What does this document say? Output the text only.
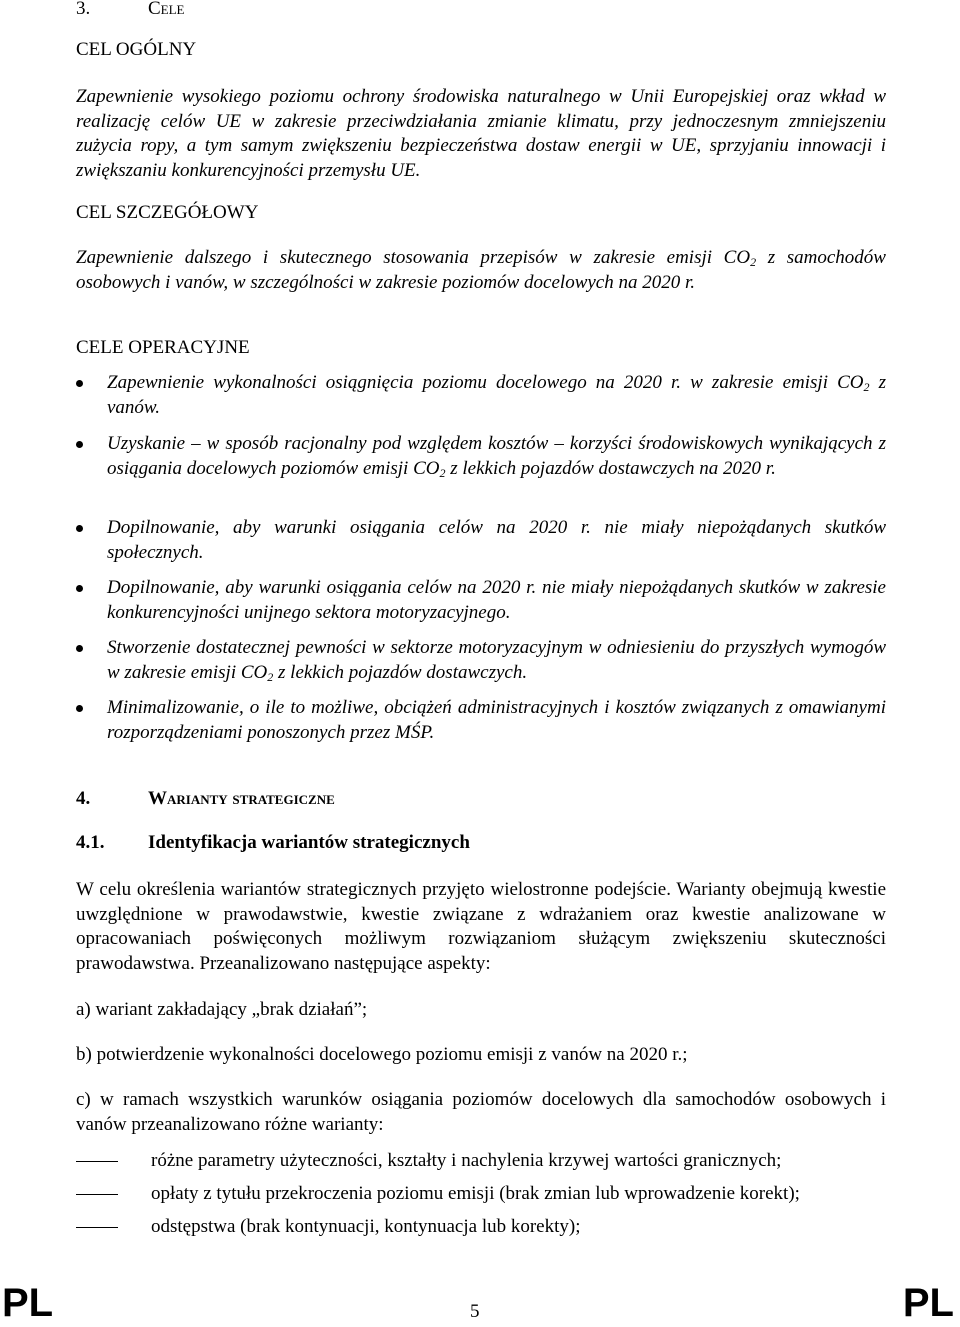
3.	Cele
CEL OGÓLNY
Zapewnienie wysokiego poziomu ochrony środowiska naturalnego w Unii Europejskiej oraz wkład w realizację celów UE w zakresie przeciwdziałania zmianie klimatu, przy jednoczesnym zmniejszeniu zużycia ropy, a tym samym zwiększeniu bezpieczeństwa dostaw energii w UE, sprzyjaniu innowacji i zwiększaniu konkurencyjności przemysłu UE.
CEL SZCZEGÓŁOWY
Zapewnienie dalszego i skutecznego stosowania przepisów w zakresie emisji $CO_2$ z samochodów osobowych i vanów, w szczególności w zakresie poziomów docelowych na 2020 r.
CELE OPERACYJNE
Zapewnienie wykonalności osiągnięcia poziomu docelowego na 2020 r. w zakresie emisji $CO_2$ z vanów.
Uzyskanie – w sposób racjonalny pod względem kosztów – korzyści środowiskowych wynikających z osiągania docelowych poziomów emisji $CO_2$ z lekkich pojazdów dostawczych na 2020 r.
Dopilnowanie, aby warunki osiągania celów na 2020 r. nie miały niepożądanych skutków społecznych.
Dopilnowanie, aby warunki osiągania celów na 2020 r. nie miały niepożądanych skutków w zakresie konkurencyjności unijnego sektora motoryzacyjnego.
Stworzenie dostatecznej pewności w sektorze motoryzacyjnym w odniesieniu do przyszłych wymogów w zakresie emisji $CO_2$ z lekkich pojazdów dostawczych.
Minimalizowanie, o ile to możliwe, obciążeń administracyjnych i kosztów związanych z omawianymi rozporządzeniami ponoszonych przez MŚP.
4.	Warianty strategiczne
4.1. Identyfikacja wariantów strategicznych
W celu określenia wariantów strategicznych przyjęto wielostronne podejście. Warianty obejmują kwestie uwzględnione w prawodawstwie, kwestie związane z wdrażaniem oraz kwestie analizowane w opracowaniach poświęconych możliwym rozwiązaniom służącym zwiększeniu skuteczności prawodawstwa. Przeanalizowano następujące aspekty:
a) wariant zakładający „brak działań”;
b) potwierdzenie wykonalności docelowego poziomu emisji z vanów na 2020 r.;
c) w ramach wszystkich warunków osiągania poziomów docelowych dla samochodów osobowych i vanów przeanalizowano różne warianty:
różne parametry użyteczności, kształty i nachylenia krzywej wartości granicznych;
opłaty z tytułu przekroczenia poziomu emisji (brak zmian lub wprowadzenie korekt);
odstępstwa (brak kontynuacji, kontynuacja lub korekty);
PL	5	PL
